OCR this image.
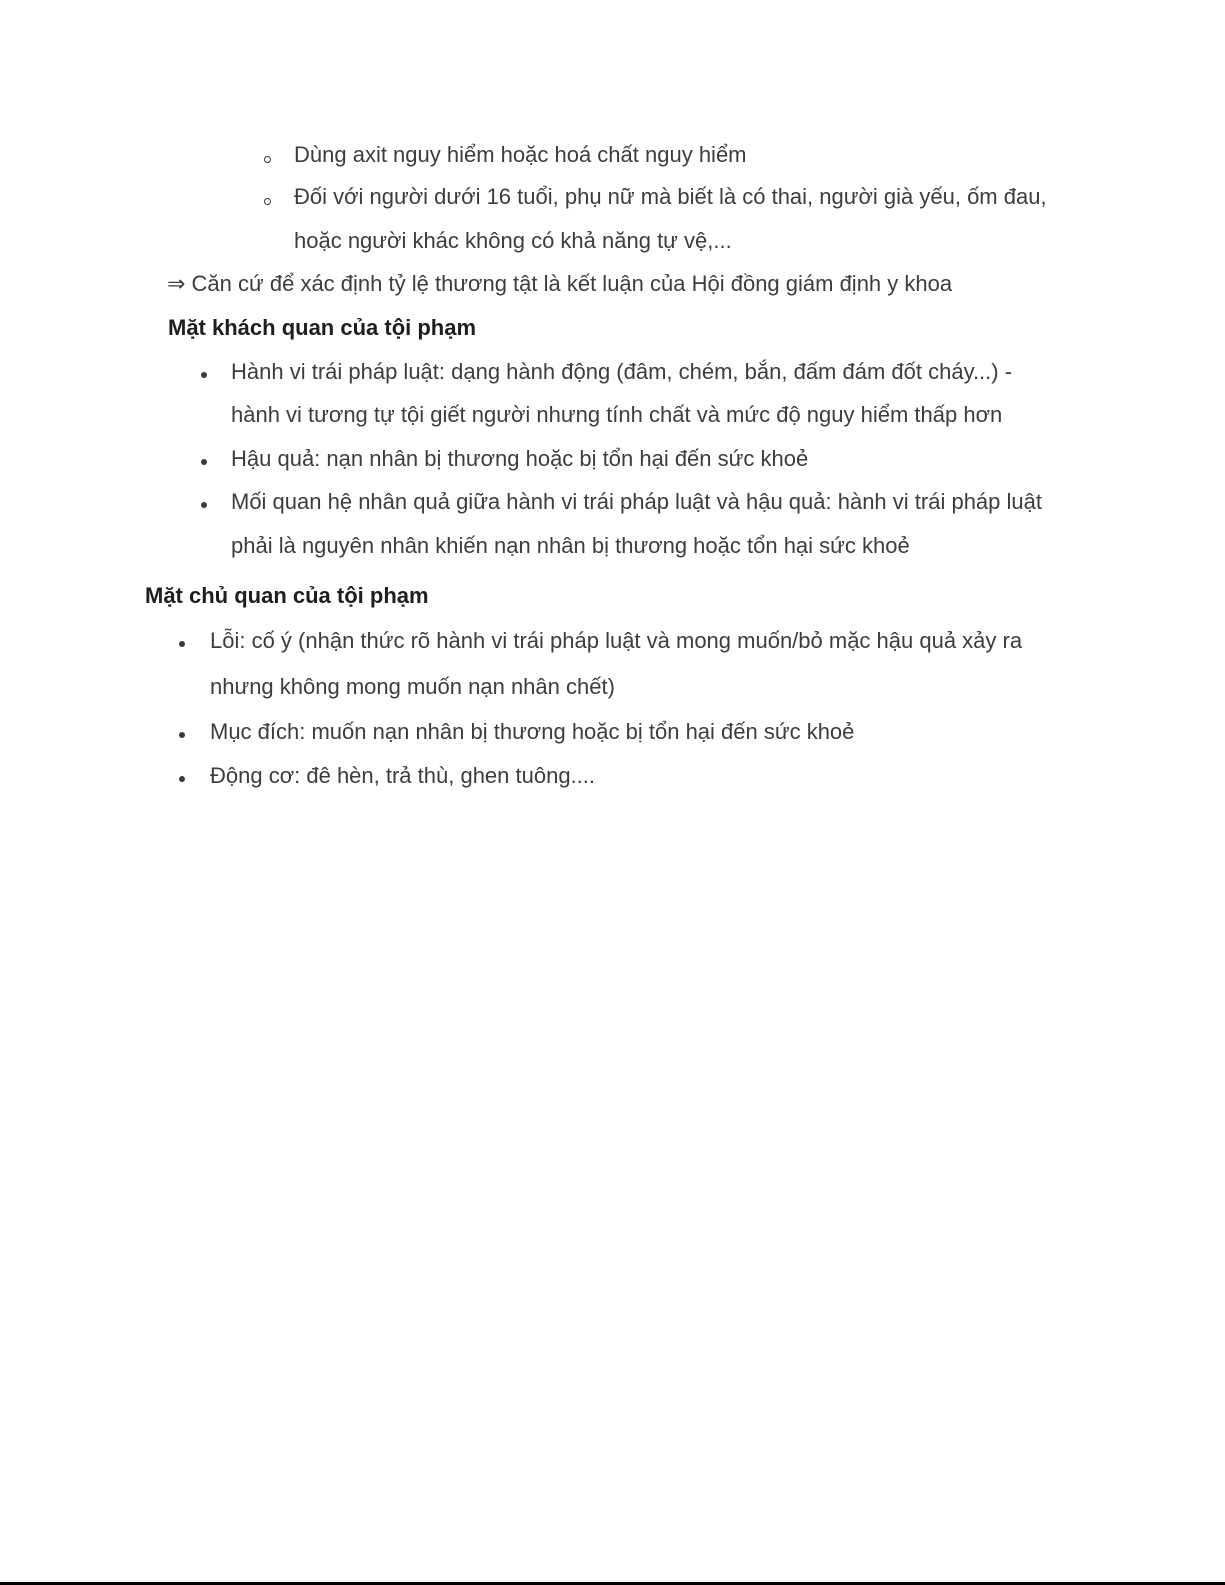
Dùng axit nguy hiểm hoặc hoá chất nguy hiểm
Đối với người dưới 16 tuổi, phụ nữ mà biết là có thai, người già yếu, ốm đau,
hoặc người khác không có khả năng tự vệ,...
⇒ Căn cứ để xác định tỷ lệ thương tật là kết luận của Hội đồng giám định y khoa
Mặt khách quan của tội phạm
Hành vi trái pháp luật: dạng hành động (đâm, chém, bắn, đấm đám đốt cháy...) -
hành vi tương tự tội giết người nhưng tính chất và mức độ nguy hiểm thấp hơn
Hậu quả: nạn nhân bị thương hoặc bị tổn hại đến sức khoẻ
Mối quan hệ nhân quả giữa hành vi trái pháp luật và hậu quả: hành vi trái pháp luật
phải là nguyên nhân khiến nạn nhân bị thương hoặc tổn hại sức khoẻ
Mặt chủ quan của tội phạm
Lỗi: cố ý (nhận thức rõ hành vi trái pháp luật và mong muốn/bỏ mặc hậu quả xảy ra
nhưng không mong muốn nạn nhân chết)
Mục đích: muốn nạn nhân bị thương hoặc bị tổn hại đến sức khoẻ
Động cơ: đê hèn, trả thù, ghen tuông....
